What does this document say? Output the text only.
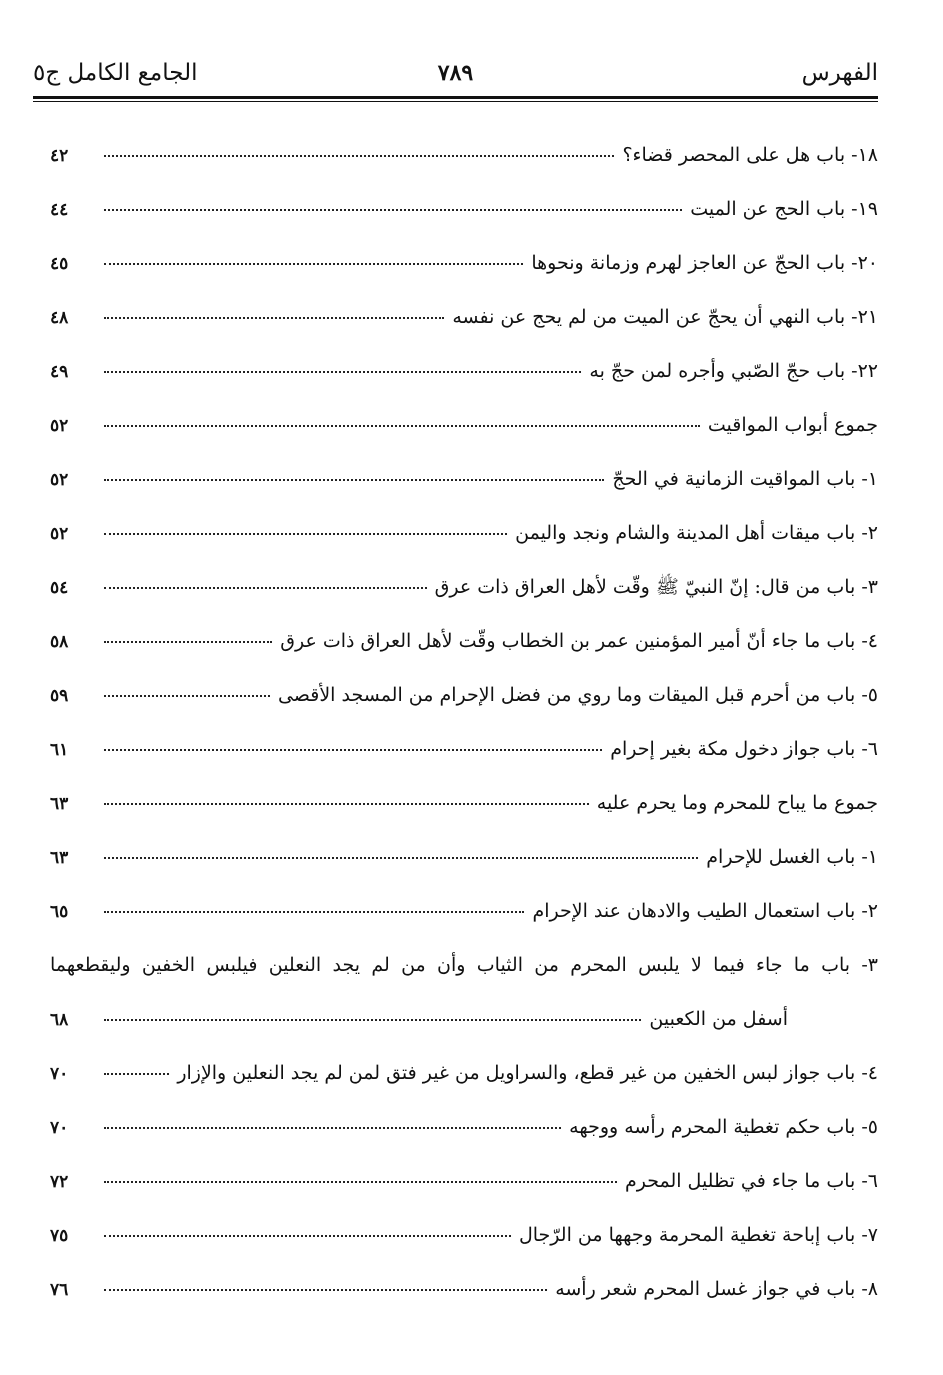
الفهرس
٧٨٩
الجامع الكامل ج٥
١٨- باب هل على المحصر قضاء؟
٤٢
١٩- باب الحج عن الميت
٤٤
٢٠- باب الحجّ عن العاجز لهرم وزمانة ونحوها
٤٥
٢١- باب النهي أن يحجّ عن الميت من لم يحج عن نفسه
٤٨
٢٢- باب حجّ الصّبي وأجره لمن حجّ به
٤٩
جموع أبواب المواقيت
٥٢
١- باب المواقيت الزمانية في الحجّ
٥٢
٢- باب ميقات أهل المدينة والشام ونجد واليمن
٥٢
٣- باب من قال: إنّ النبيّ ﷺ وقّت لأهل العراق ذات عرق
٥٤
٤- باب ما جاء أنّ أمير المؤمنين عمر بن الخطاب وقّت لأهل العراق ذات عرق
٥٨
٥- باب من أحرم قبل الميقات وما روي من فضل الإحرام من المسجد الأقصى
٥٩
٦- باب جواز دخول مكة بغير إحرام
٦١
جموع ما يباح للمحرم وما يحرم عليه
٦٣
١- باب الغسل للإحرام
٦٣
٢- باب استعمال الطيب والادهان عند الإحرام
٦٥
٣- باب ما جاء فيما لا يلبس المحرم من الثياب وأن من لم يجد النعلين فيلبس الخفين وليقطعهما
أسفل من الكعبين
٦٨
٤- باب جواز لبس الخفين من غير قطع، والسراويل من غير فتق لمن لم يجد النعلين والإزار
٧٠
٥- باب حكم تغطية المحرم رأسه ووجهه
٧٠
٦- باب ما جاء في تظليل المحرم
٧٢
٧- باب إباحة تغطية المحرمة وجهها من الرّجال
٧٥
٨- باب في جواز غسل المحرم شعر رأسه
٧٦
